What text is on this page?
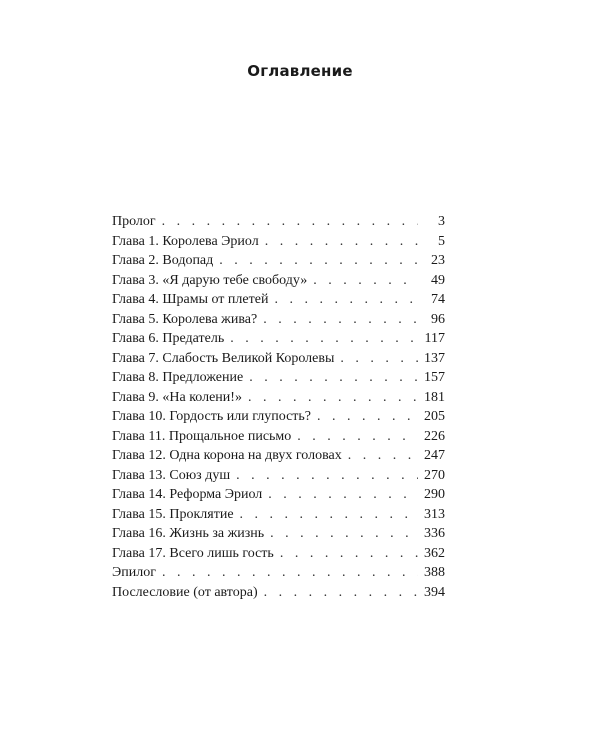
Оглавление
Пролог . . .	3
Глава 1. Королева Эриол . . .	5
Глава 2. Водопад . . .	23
Глава 3. «Я дарую тебе свободу» . . .	49
Глава 4. Шрамы от плетей . . .	74
Глава 5. Королева жива? . . .	96
Глава 6. Предатель . . .	117
Глава 7. Слабость Великой Королевы . . .	137
Глава 8. Предложение . . .	157
Глава 9. «На колени!» . . .	181
Глава 10. Гордость или глупость? . . .	205
Глава 11. Прощальное письмо . . .	226
Глава 12. Одна корона на двух головах . . .	247
Глава 13. Союз душ . . .	270
Глава 14. Реформа Эриол . . .	290
Глава 15. Проклятие . . .	313
Глава 16. Жизнь за жизнь . . .	336
Глава 17. Всего лишь гость . . .	362
Эпилог . . .	388
Послесловие (от автора) . . .	394
